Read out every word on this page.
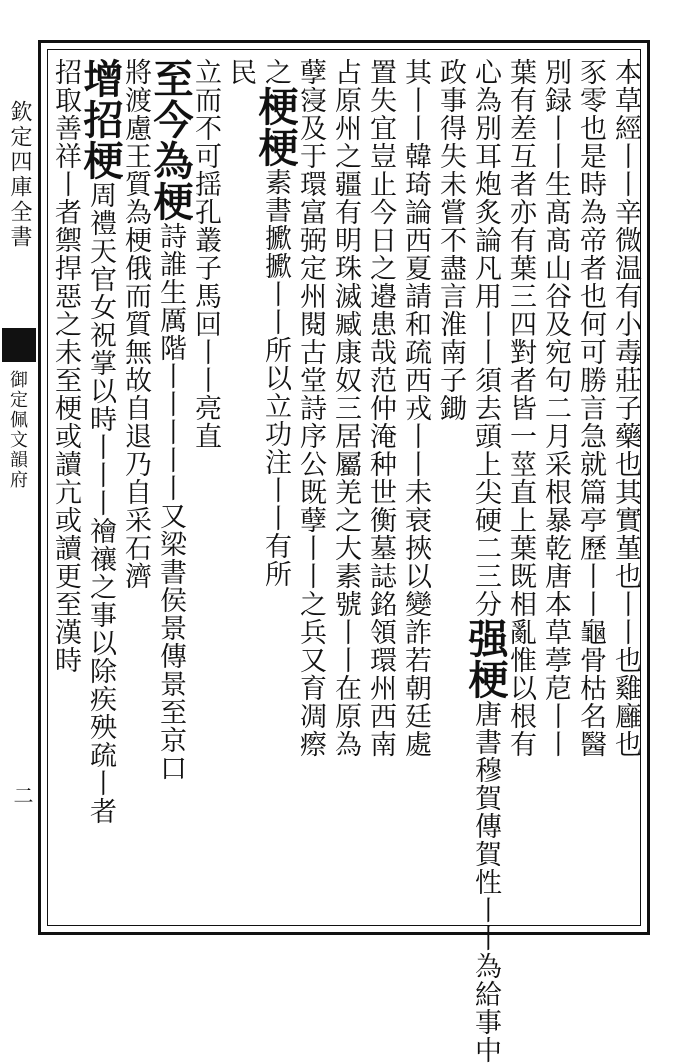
欽定四庫全書
御定佩文韻府
二
本草經丨丨辛微温有小毒莊子藥也其實堇也丨丨也雞廱也
豕零也是時為帝者也何可勝言急就篇亭歷丨丨龜骨枯名醫
別録丨丨生髙髙山谷及宛句二月采根暴乾唐本草葶苨丨丨
葉有差互者亦有葉三四對者皆一莖直上葉既相亂惟以根有
心為別耳炮炙論凡用丨丨須去頭上尖硬二三分强梗唐書穆賀傳賀性丨丨為給事中
政事得失未嘗不盡言淮南子鋤
其丨丨韓琦論西夏請和疏西戎丨丨未衰挾以變詐若朝廷處
置失宜豈止今日之邉患哉范仲淹种世衡墓誌銘領環州西南
占原州之疆有明珠滅臧康奴三居屬羌之大素號丨丨在原為
孽寖及于環富弼定州閱古堂詩序公既孽丨丨之兵又育凋瘵
之梗梗素書擨擨丨丨所以立功注丨丨有所
民
立而不可揺孔叢子馬回丨丨亮直
至今為梗詩誰生厲階丨丨丨丨丨又梁書侯景傳景至京口
將渡慮王質為梗俄而質無故自退乃自采石濟
增招梗周禮天官女祝掌以時丨丨丨禬禳之事以除疾殃疏丨者
招取善祥丨者禦捍惡之未至梗或讀亢或讀更至漢時
